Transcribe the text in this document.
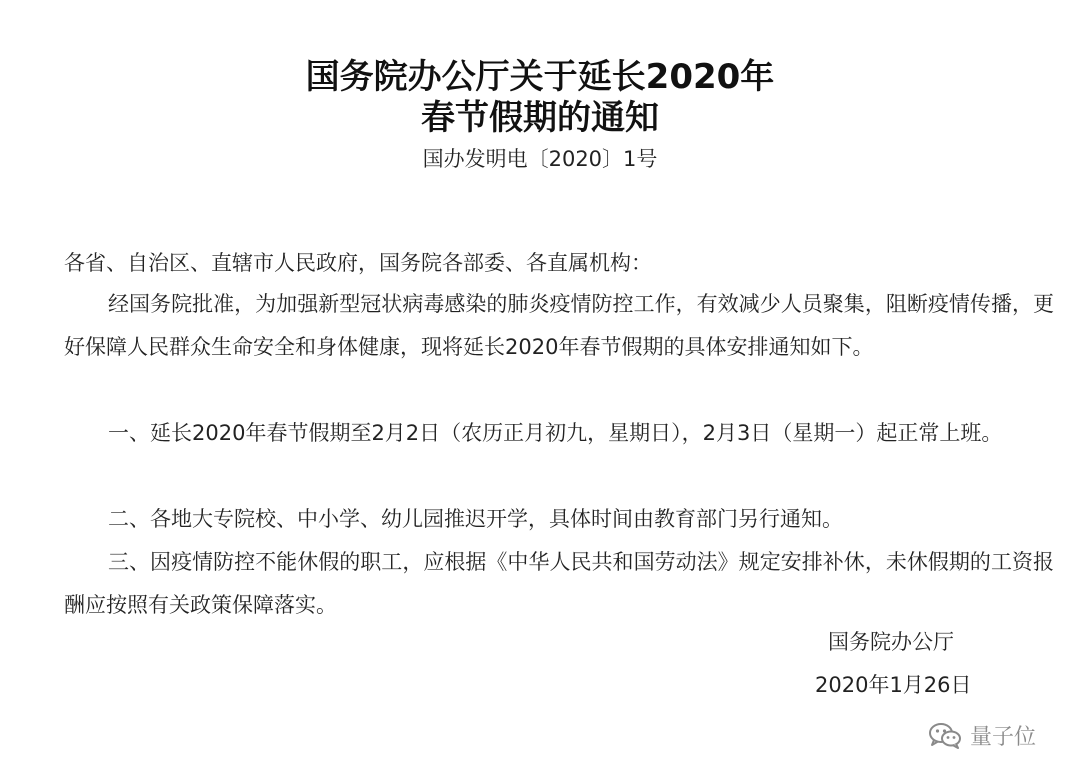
国务院办公厅关于延长2020年
春节假期的通知
国办发明电〔2020〕1号
各省、自治区、直辖市人民政府，国务院各部委、各直属机构：

经国务院批准，为加强新型冠状病毒感染的肺炎疫情防控工作，有效减少人员聚集，阻断疫情传播，更好保障人民群众生命安全和身体健康，现将延长2020年春节假期的具体安排通知如下。

一、延长2020年春节假期至2月2日（农历正月初九，星期日），2月3日（星期一）起正常上班。

二、各地大专院校、中小学、幼儿园推迟开学，具体时间由教育部门另行通知。

三、因疫情防控不能休假的职工，应根据《中华人民共和国劳动法》规定安排补休，未休假期的工资报酬应按照有关政策保障落实。

国务院办公厅
2020年1月26日
量子位
